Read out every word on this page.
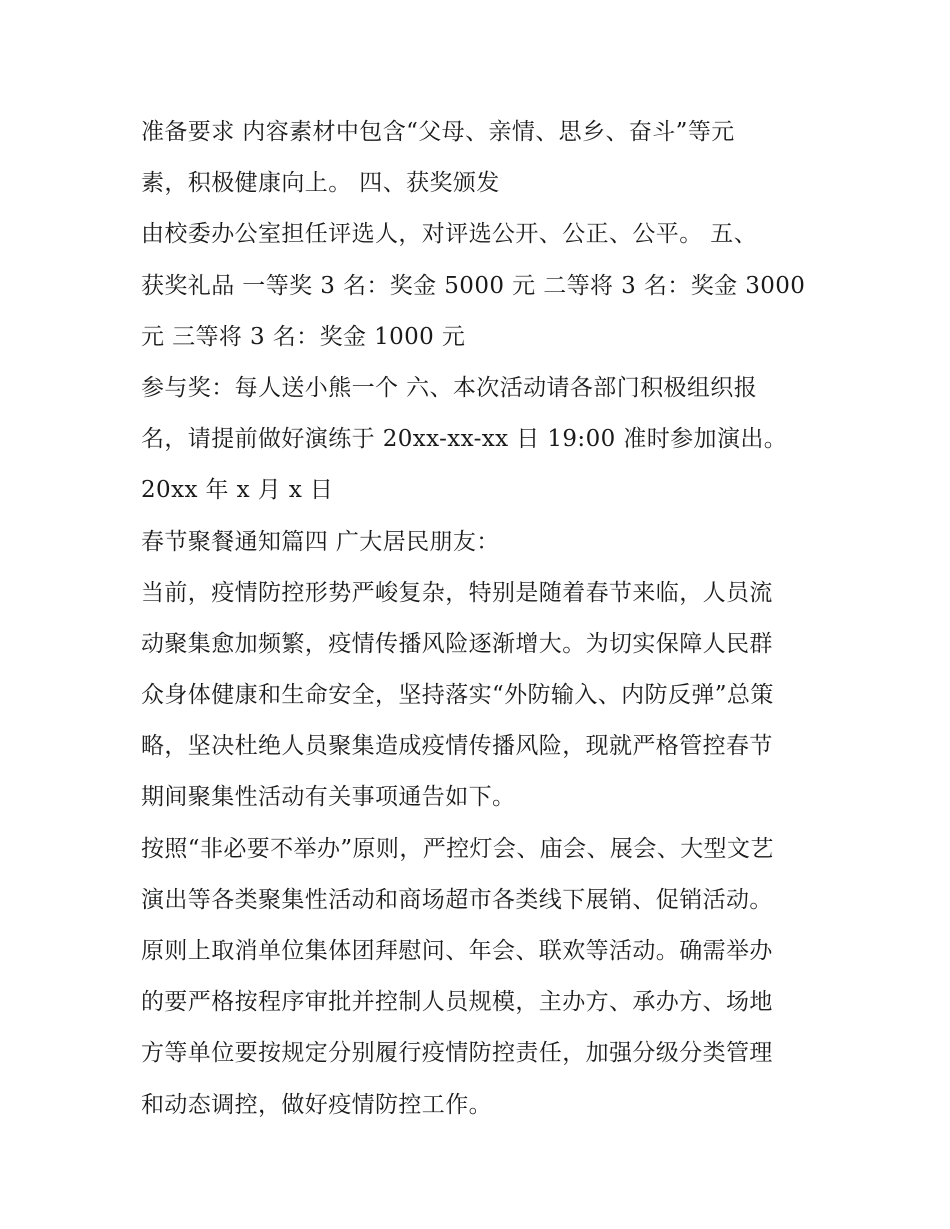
准备要求 内容素材中包含“父母、亲情、思乡、奋斗”等元
素，积极健康向上。 四、获奖颁发
由校委办公室担任评选人，对评选公开、公正、公平。 五、
获奖礼品 一等奖 3 名：奖金 5000 元 二等将 3 名：奖金 3000
元 三等将 3 名：奖金 1000 元
参与奖：每人送小熊一个 六、本次活动请各部门积极组织报
名，请提前做好演练于 20xx-xx-xx 日 19:00 准时参加演出。
20xx 年 x 月 x 日
春节聚餐通知篇四 广大居民朋友：
当前，疫情防控形势严峻复杂，特别是随着春节来临，人员流
动聚集愈加频繁，疫情传播风险逐渐增大。为切实保障人民群
众身体健康和生命安全，坚持落实“外防输入、内防反弹”总策
略，坚决杜绝人员聚集造成疫情传播风险，现就严格管控春节
期间聚集性活动有关事项通告如下。
按照“非必要不举办”原则，严控灯会、庙会、展会、大型文艺
演出等各类聚集性活动和商场超市各类线下展销、促销活动。
原则上取消单位集体团拜慰问、年会、联欢等活动。确需举办
的要严格按程序审批并控制人员规模，主办方、承办方、场地
方等单位要按规定分别履行疫情防控责任，加强分级分类管理
和动态调控，做好疫情防控工作。
